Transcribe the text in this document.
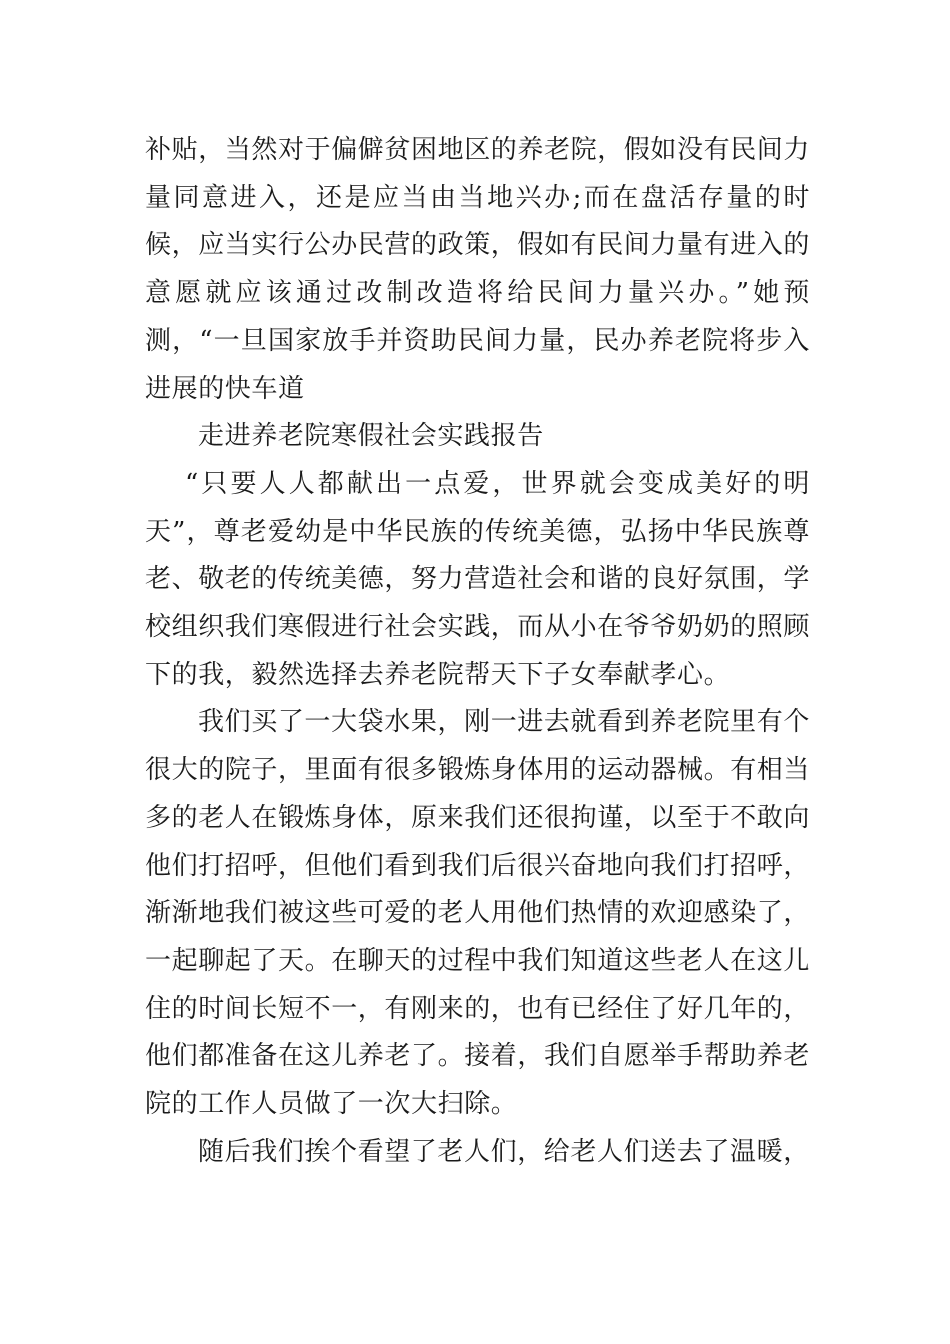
补贴，当然对于偏僻贫困地区的养老院，假如没有民间力量同意进入，还是应当由当地兴办;而在盘活存量的时候，应当实行公办民营的政策，假如有民间力量有进入的意愿就应该通过改制改造将给民间力量兴办。”她预测，“一旦国家放手并资助民间力量，民办养老院将步入进展的快车道

走进养老院寒假社会实践报告

“只要人人都献出一点爱，世界就会变成美好的明天”，尊老爱幼是中华民族的传统美德，弘扬中华民族尊老、敬老的传统美德，努力营造社会和谐的良好氛围，学校组织我们寒假进行社会实践，而从小在爷爷奶奶的照顾下的我，毅然选择去养老院帮天下子女奉献孝心。

我们买了一大袋水果，刚一进去就看到养老院里有个很大的院子，里面有很多锻炼身体用的运动器械。有相当多的老人在锻炼身体，原来我们还很拘谨，以至于不敢向他们打招呼，但他们看到我们后很兴奋地向我们打招呼，渐渐地我们被这些可爱的老人用他们热情的欢迎感染了，一起聊起了天。在聊天的过程中我们知道这些老人在这儿住的时间长短不一，有刚来的，也有已经住了好几年的，他们都准备在这儿养老了。接着，我们自愿举手帮助养老院的工作人员做了一次大扫除。

随后我们挨个看望了老人们，给老人们送去了温暖，
